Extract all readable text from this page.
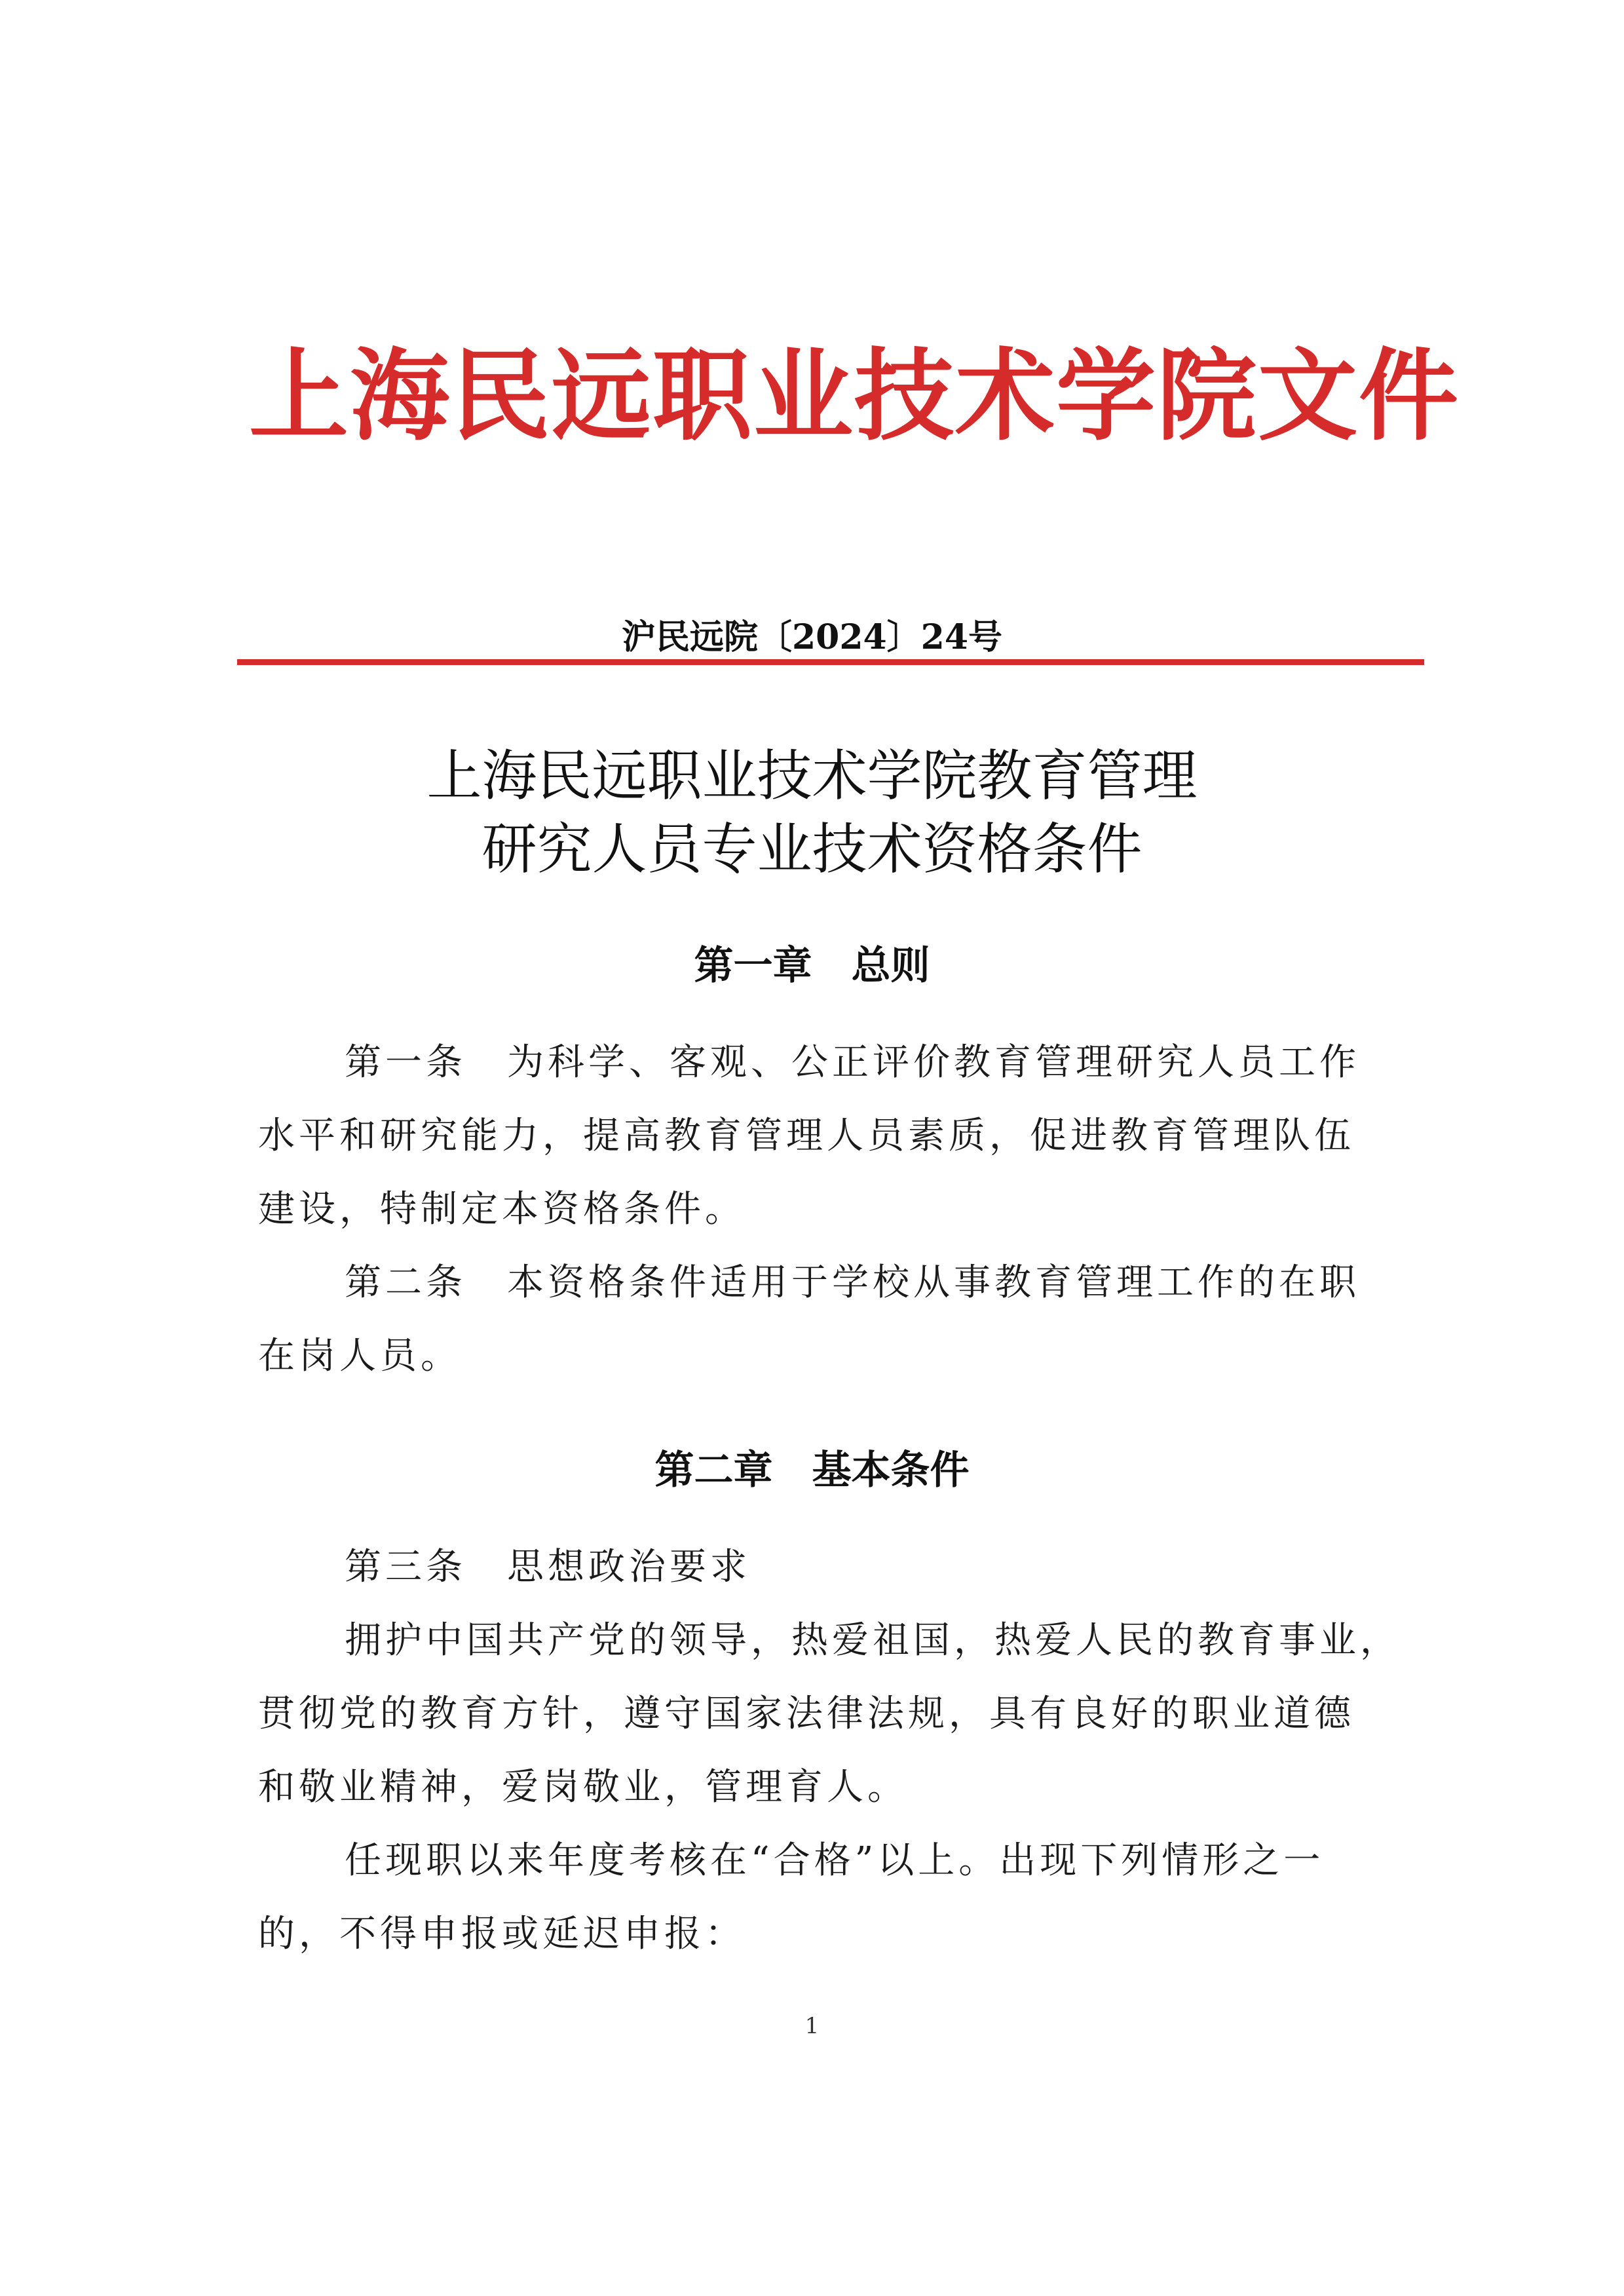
上海民远职业技术学院文件
沪民远院〔2024〕24号
上海民远职业技术学院教育管理
研究人员专业技术资格条件
第一章　总则
第一条　为科学、客观、公正评价教育管理研究人员工作
水平和研究能力，提高教育管理人员素质，促进教育管理队伍
建设，特制定本资格条件。
第二条　本资格条件适用于学校从事教育管理工作的在职
在岗人员。
第二章　基本条件
第三条　思想政治要求
拥护中国共产党的领导，热爱祖国，热爱人民的教育事业，
贯彻党的教育方针，遵守国家法律法规，具有良好的职业道德
和敬业精神，爱岗敬业，管理育人。
任现职以来年度考核在“合格”以上。出现下列情形之一
的，不得申报或延迟申报：
1
